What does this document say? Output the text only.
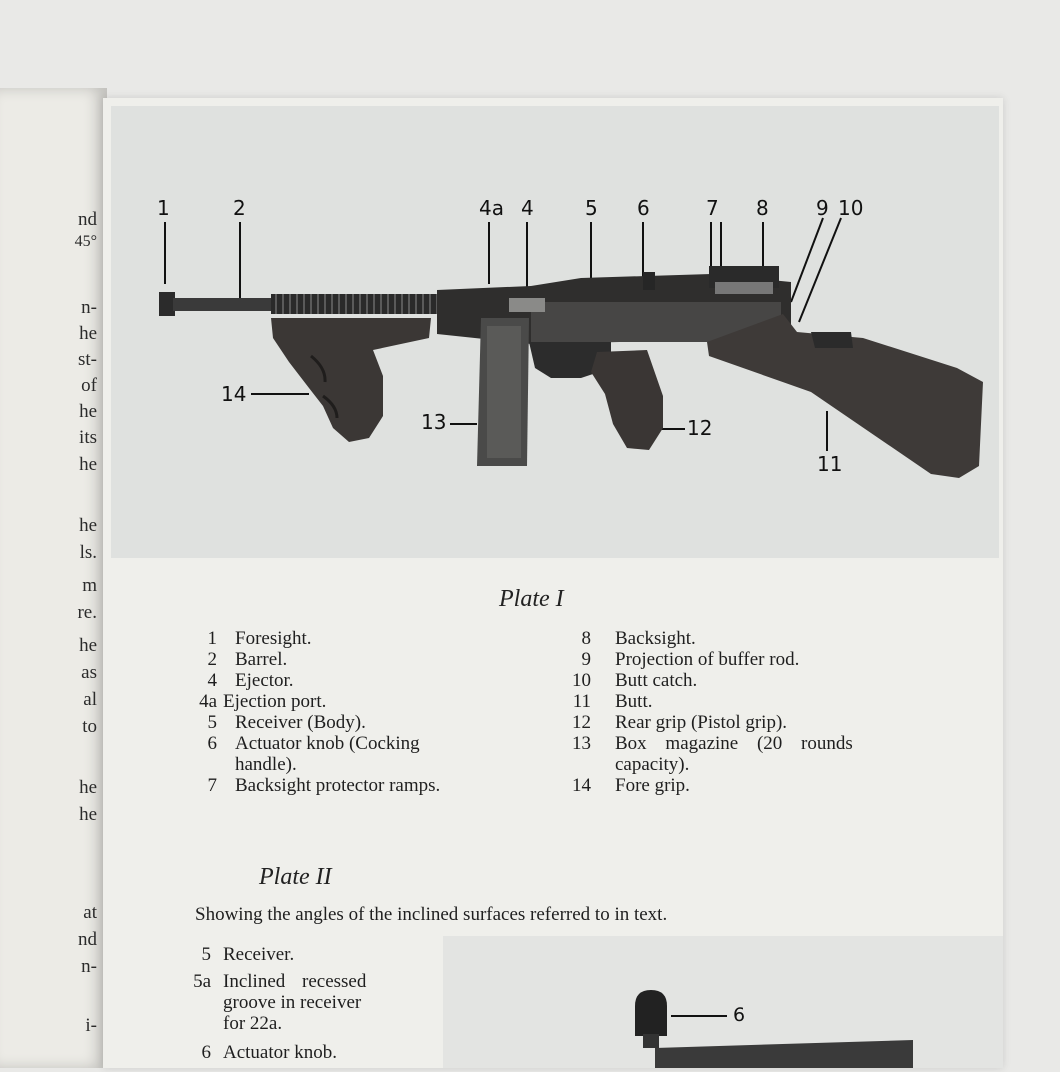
nd
45°
n-
he
st-
of
he
its
he
he
ls.
m
re.
he
as
al
to
he
he
at
nd
n-
i-
1	2	4a 4	5 6	7 8 9 10
11
12
13
14
Plate I
1 Foresight.
2 Barrel.
4 Ejector.
4a Ejection port.
5 Receiver (Body).
6 Actuator knob (Cocking
handle).
7 Backsight protector ramps.
8 Backsight.
9 Projection of buffer rod.
10 Butt catch.
11 Butt.
12 Rear grip (Pistol grip).
13 Box magazine (20 rounds
capacity).
14 Fore grip.
Plate II
Showing the angles of the inclined surfaces referred to in text.
5 Receiver.
5a Inclined recessed
groove in receiver
for 22a.
6 Actuator knob.
6
